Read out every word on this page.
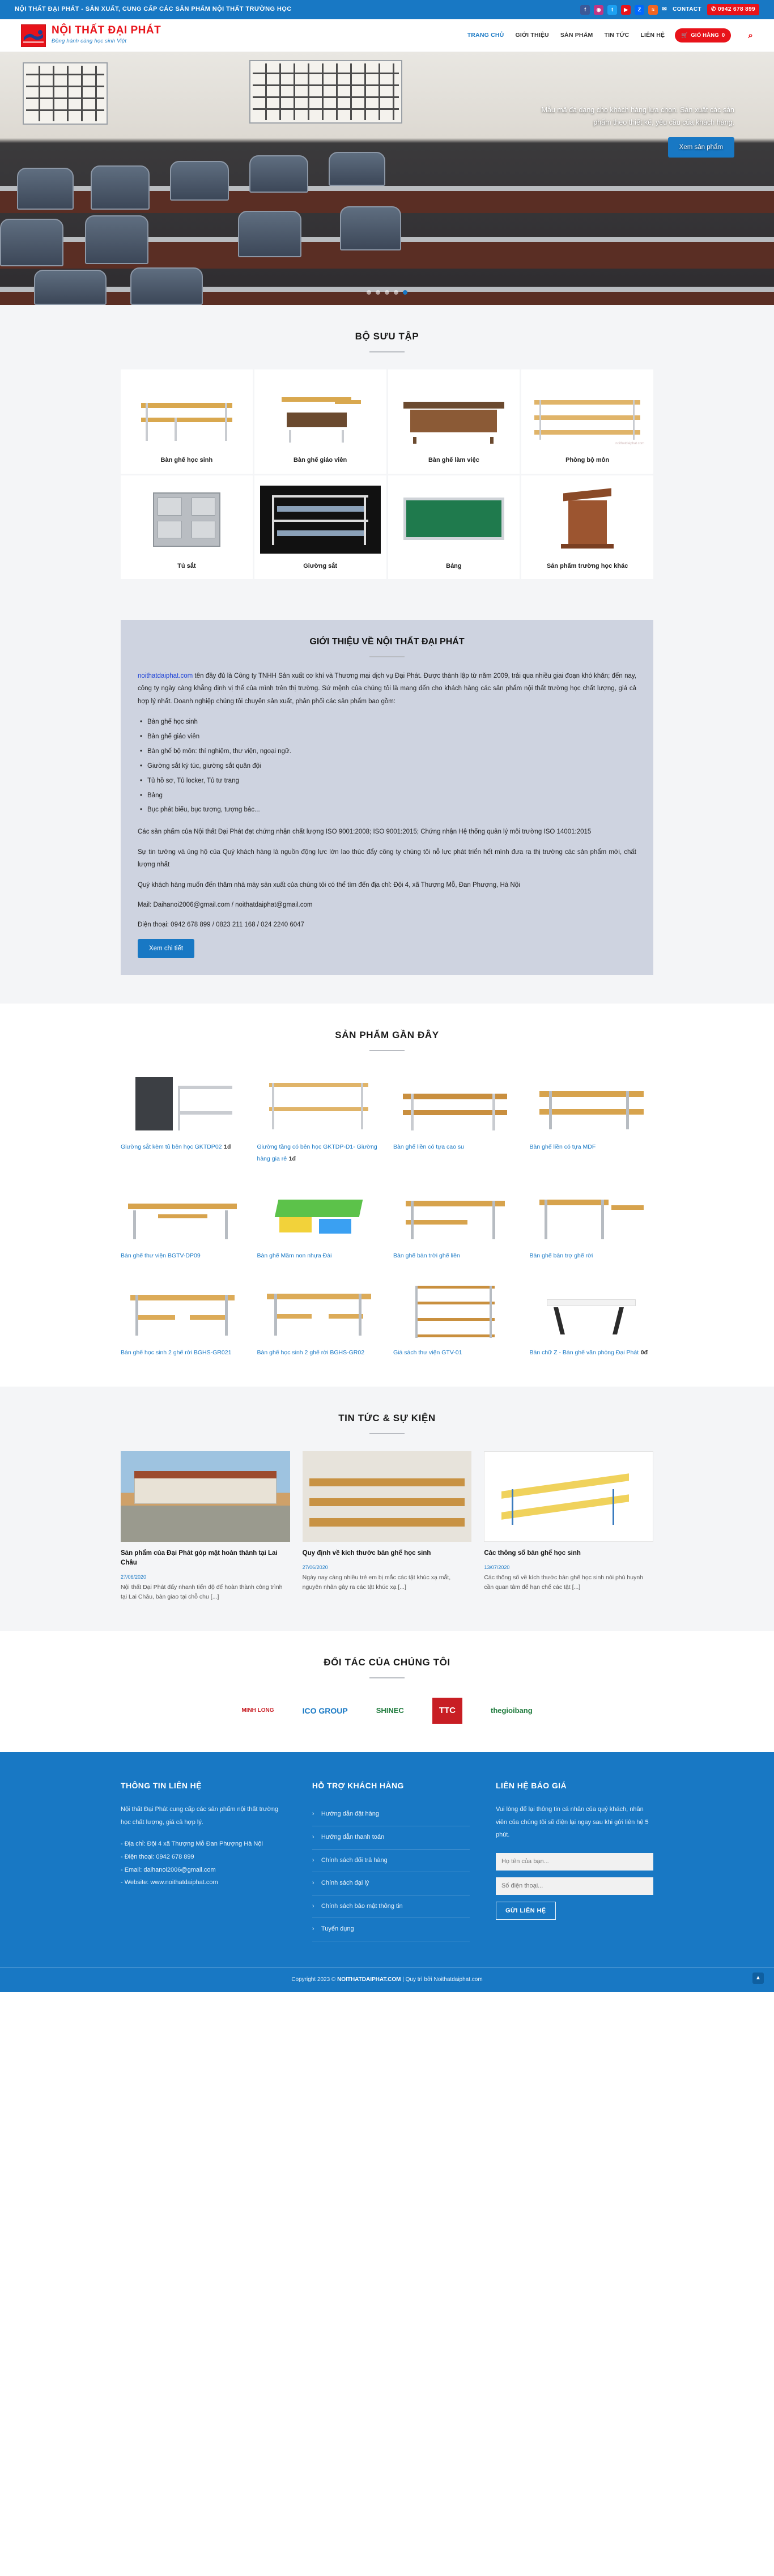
NỘI THẤT ĐẠI PHÁT - SẢN XUẤT, CUNG CẤP CÁC SẢN PHẨM NỘI THẤT TRƯỜNG HỌC	f	◉	t	▶	Z	≈	✉ CONTACT	✆ 0942 678 899
NỘI THẤT ĐẠI PHÁT
Đồng hành cùng học sinh Việt
TRANG CHỦ GIỚI THIỆU SẢN PHẨM TIN TỨC LIÊN HỆ	🛒 GIỎ HÀNG 0	⌕
Mẫu mã đa dạng cho khách hàng lựa chọn. Sản xuất các sản phẩm theo thiết kế, yêu cầu của khách hàng.
Xem sản phẩm
BỘ SƯU TẬP
Bàn ghế học sinh	Bàn ghế giáo viên	Bàn ghế làm việc
noithatdaiphat.com
Phòng bộ môn
Tủ sắt	Giường sắt	Bảng	Sản phẩm trường học khác
GIỚI THIỆU VỀ NỘI THẤT ĐẠI PHÁT

noithatdaiphat.com tên đầy đủ là Công ty TNHH Sản xuất cơ khí và Thương mại dịch vụ Đại Phát. Được thành lập từ năm 2009, trải qua nhiều giai đoạn khó khăn; đến nay, công ty ngày càng khẳng định vị thế của mình trên thị trường. Sứ mệnh của chúng tôi là mang đến cho khách hàng các sản phẩm nội thất trường học chất lượng, giá cả hợp lý nhất. Doanh nghiệp chúng tôi chuyên sản xuất, phân phối các sản phẩm bao gồm:

• Bàn ghế học sinh
• Bàn ghế giáo viên
• Bàn ghế bộ môn: thí nghiệm, thư viện, ngoại ngữ.
• Giường sắt ký túc, giường sắt quân đội
• Tủ hồ sơ, Tủ locker, Tủ tư trang
• Bảng
• Bục phát biểu, bục tượng, tượng bác...

Các sản phẩm của Nội thất Đại Phát đạt chứng nhận chất lượng ISO 9001:2008; ISO 9001:2015; Chứng nhận Hệ thống quản lý môi trường ISO 14001:2015

Sự tin tưởng và ủng hộ của Quý khách hàng là nguồn động lực lớn lao thúc đẩy công ty chúng tôi nỗ lực phát triển hết mình đưa ra thị trường các sản phẩm mới, chất lượng nhất

Quý khách hàng muốn đến thăm nhà máy sản xuất của chúng tôi có thể tìm đến địa chỉ: Đội 4, xã Thượng Mỗ, Đan Phượng, Hà Nội

Mail: Daihanoi2006@gmail.com / noithatdaiphat@gmail.com

Điện thoại: 0942 678 899 / 0823 211 168 / 024 2240 6047

Xem chi tiết
SẢN PHẨM GẦN ĐÂY
Giường sắt kèm tủ bên học GKTDP02 1đ	Giường tầng có bên học GKTDP-D1- Giường hàng gia rẻ 1đ
Bàn ghế liền có tựa cao su	Bàn ghế liền có tựa MDF
Bàn ghế thư viện BGTV-DP09	Bàn ghế Mầm non nhựa Đài	Bàn ghế bàn trời ghế liền	Bàn ghế bàn trợ ghế rời
Bàn ghế học sinh 2 ghế rời BGHS-GR021	Bàn ghế học sinh 2 ghế rời BGHS-GR02	Giá sách thư viện GTV-01	Bàn chữ Z - Bàn ghế văn phòng Đại Phát 0đ
TIN TỨC & SỰ KIỆN
Sản phẩm của Đại Phát góp mặt hoàn thành tại Lai Châu
27/06/2020

Nội thất Đại Phát đẩy nhanh tiến độ để hoàn thành công trình tại Lai Châu, bàn giao tại chỗ chu [...]

Quy định về kích thước bàn ghế học sinh
27/06/2020

Ngày nay càng nhiều trẻ em bị mắc các tật khúc xạ mắt, nguyên nhân gây ra các tật khúc xạ [...]

Các thông số bàn ghế học sinh
13/07/2020

Các thông số về kích thước bàn ghế học sinh nói phù huynh cần quan tâm để hạn chế các tật [...]

ĐỐI TÁC CỦA CHÚNG TÔI
MINH LONG	ICO GROUP	SHINEC	TTC	thegioibang
THÔNG TIN LIÊN HỆ

Nội thất Đại Phát cung cấp các sản phẩm nội thất trường học chất lượng, giá cả hợp lý.

- Địa chỉ: Đội 4 xã Thượng Mỗ Đan Phượng Hà Nội
- Điện thoại: 0942 678 899
- Email: daihanoi2006@gmail.com
- Website: www.noithatdaiphat.com
HỖ TRỢ KHÁCH HÀNG
› Hướng dẫn đặt hàng
› Hướng dẫn thanh toán
› Chính sách đổi trả hàng
› Chính sách đại lý
› Chính sách bảo mật thông tin
› Tuyển dụng
LIÊN HỆ BÁO GIÁ

Vui lòng để lại thông tin cá nhân của quý khách, nhân viên của chúng tôi sẽ điện lại ngay sau khi gửi liên hệ 5 phút.

Họ tên của bạn... Số điện thoại... GỬI LIÊN HỆ
Copyright 2023 © NOITHATDAIPHAT.COM | Quy trì bởi Noithatdaiphat.com	▲
